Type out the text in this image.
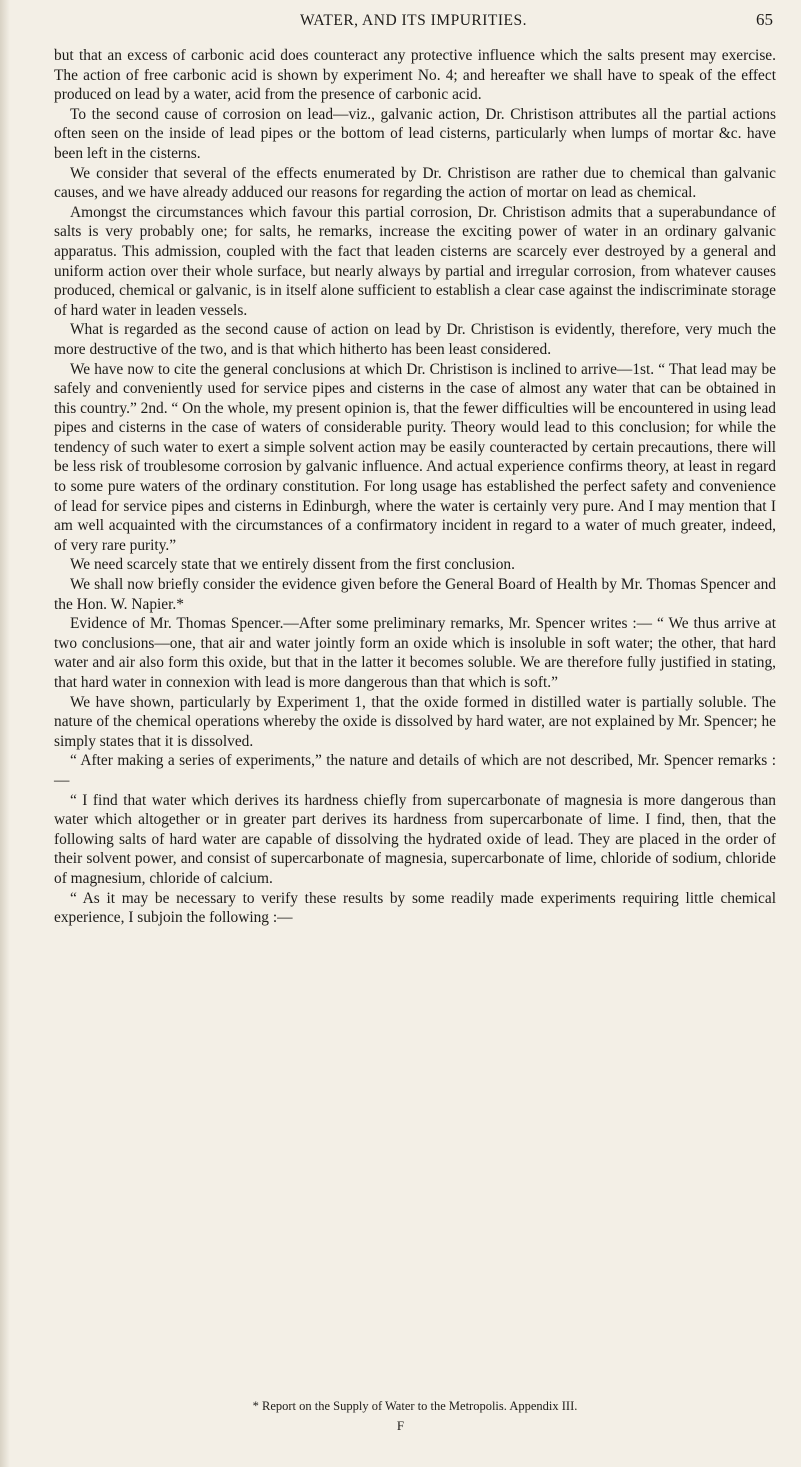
WATER, AND ITS IMPURITIES.	65

but that an excess of carbonic acid does counteract any protective influence which the salts present may exercise. The action of free carbonic acid is shown by experiment No. 4; and hereafter we shall have to speak of the effect produced on lead by a water, acid from the presence of carbonic acid.

To the second cause of corrosion on lead—viz., galvanic action, Dr. Christison attributes all the partial actions often seen on the inside of lead pipes or the bottom of lead cisterns, particularly when lumps of mortar &c. have been left in the cisterns.

We consider that several of the effects enumerated by Dr. Christison are rather due to chemical than galvanic causes, and we have already adduced our reasons for regarding the action of mortar on lead as chemical.

Amongst the circumstances which favour this partial corrosion, Dr. Christison admits that a superabundance of salts is very probably one; for salts, he remarks, increase the exciting power of water in an ordinary galvanic apparatus. This admission, coupled with the fact that leaden cisterns are scarcely ever destroyed by a general and uniform action over their whole surface, but nearly always by partial and irregular corrosion, from whatever causes produced, chemical or galvanic, is in itself alone sufficient to establish a clear case against the indiscriminate storage of hard water in leaden vessels.

What is regarded as the second cause of action on lead by Dr. Christison is evidently, therefore, very much the more destructive of the two, and is that which hitherto has been least considered.

We have now to cite the general conclusions at which Dr. Christison is inclined to arrive—1st. “ That lead may be safely and conveniently used for service pipes and cisterns in the case of almost any water that can be obtained in this country.” 2nd. “ On the whole, my present opinion is, that the fewer difficulties will be encountered in using lead pipes and cisterns in the case of waters of considerable purity. Theory would lead to this conclusion; for while the tendency of such water to exert a simple solvent action may be easily counteracted by certain precautions, there will be less risk of troublesome corrosion by galvanic influence. And actual experience confirms theory, at least in regard to some pure waters of the ordinary constitution. For long usage has established the perfect safety and convenience of lead for service pipes and cisterns in Edinburgh, where the water is certainly very pure. And I may mention that I am well acquainted with the circumstances of a confirmatory incident in regard to a water of much greater, indeed, of very rare purity.”

We need scarcely state that we entirely dissent from the first conclusion.

We shall now briefly consider the evidence given before the General Board of Health by Mr. Thomas Spencer and the Hon. W. Napier.*

Evidence of Mr. Thomas Spencer.—After some preliminary remarks, Mr. Spencer writes :— “ We thus arrive at two conclusions—one, that air and water jointly form an oxide which is insoluble in soft water; the other, that hard water and air also form this oxide, but that in the latter it becomes soluble. We are therefore fully justified in stating, that hard water in connexion with lead is more dangerous than that which is soft.”

We have shown, particularly by Experiment 1, that the oxide formed in distilled water is partially soluble. The nature of the chemical operations whereby the oxide is dissolved by hard water, are not explained by Mr. Spencer; he simply states that it is dissolved.

“ After making a series of experiments,” the nature and details of which are not described, Mr. Spencer remarks :—

“ I find that water which derives its hardness chiefly from supercarbonate of magnesia is more dangerous than water which altogether or in greater part derives its hardness from supercarbonate of lime. I find, then, that the following salts of hard water are capable of dissolving the hydrated oxide of lead. They are placed in the order of their solvent power, and consist of supercarbonate of magnesia, supercarbonate of lime, chloride of sodium, chloride of magnesium, chloride of calcium.

“ As it may be necessary to verify these results by some readily made experiments requiring little chemical experience, I subjoin the following :—

* Report on the Supply of Water to the Metropolis. Appendix III.
F
